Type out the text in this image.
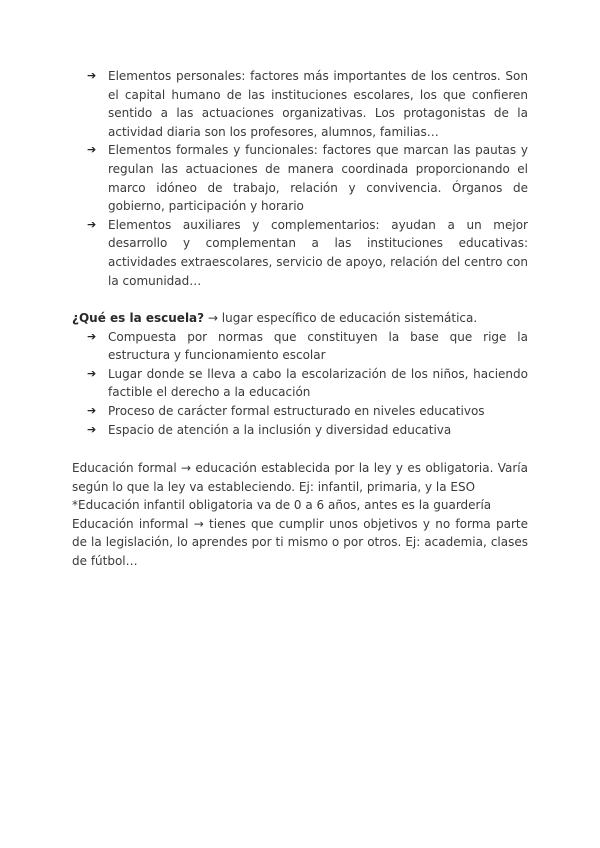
➔ Elementos personales: factores más importantes de los centros. Son el capital humano de las instituciones escolares, los que confieren sentido a las actuaciones organizativas. Los protagonistas de la actividad diaria son los profesores, alumnos, familias…
➔ Elementos formales y funcionales: factores que marcan las pautas y regulan las actuaciones de manera coordinada proporcionando el marco idóneo de trabajo, relación y convivencia. Órganos de gobierno, participación y horario
➔ Elementos auxiliares y complementarios: ayudan a un mejor desarrollo y complementan a las instituciones educativas: actividades extraescolares, servicio de apoyo, relación del centro con la comunidad…

¿Qué es la escuela? → lugar específico de educación sistemática.

➔ Compuesta por normas que constituyen la base que rige la estructura y funcionamiento escolar
➔ Lugar donde se lleva a cabo la escolarización de los niños, haciendo factible el derecho a la educación
➔ Proceso de carácter formal estructurado en niveles educativos
➔ Espacio de atención a la inclusión y diversidad educativa

Educación formal → educación establecida por la ley y es obligatoria. Varía según lo que la ley va estableciendo. Ej: infantil, primaria, y la ESO

*Educación infantil obligatoria va de 0 a 6 años, antes es la guardería

Educación informal → tienes que cumplir unos objetivos y no forma parte de la legislación, lo aprendes por ti mismo o por otros. Ej: academia, clases de fútbol…
